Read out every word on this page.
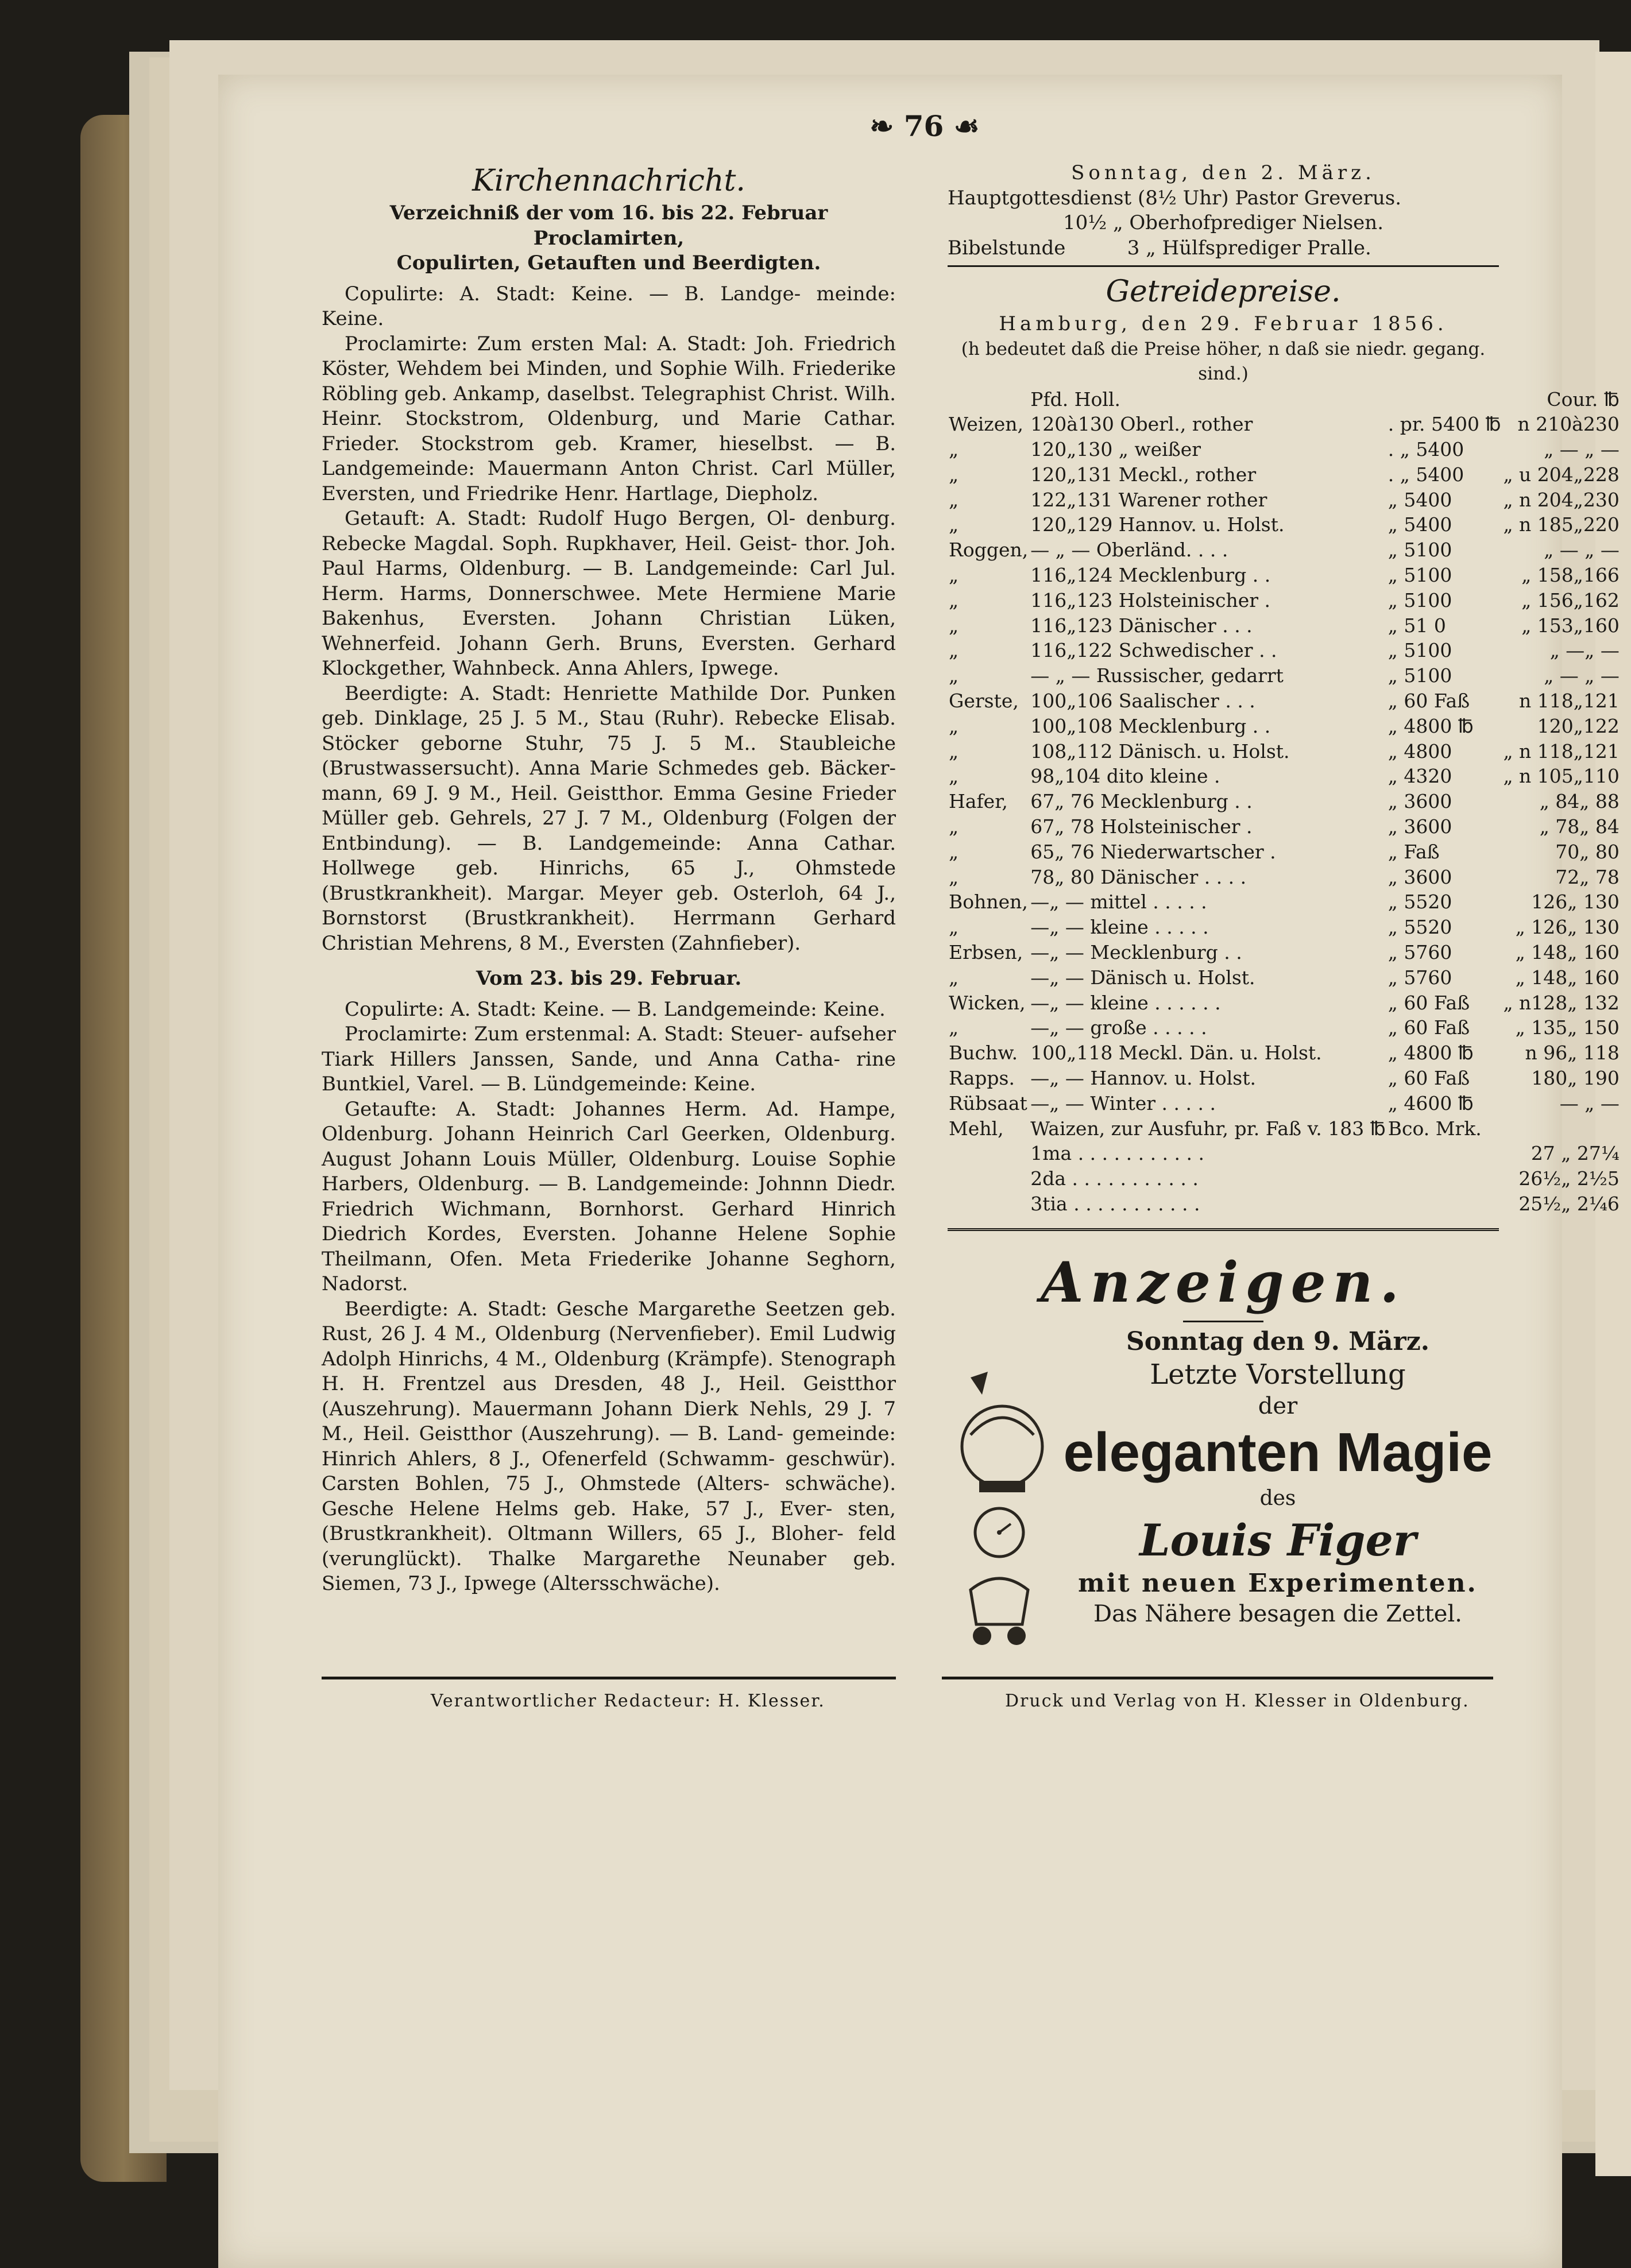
❧ 76 ☙
Kirchennachricht.
Verzeichniß der vom 16. bis 22. Februar Proclamirten,
Copulirten, Getauften und Beerdigten.

Copulirte: A. Stadt: Keine. — B. Landge- meinde: Keine.

Proclamirte: Zum ersten Mal: A. Stadt: Joh. Friedrich Köster, Wehdem bei Minden, und Sophie Wilh. Friederike Röbling geb. Ankamp, daselbst. Telegraphist Christ. Wilh. Heinr. Stockstrom, Oldenburg, und Marie Cathar. Frieder. Stockstrom geb. Kramer, hieselbst. — B. Landgemeinde: Mauermann Anton Christ. Carl Müller, Eversten, und Friedrike Henr. Hartlage, Diepholz.

Getauft: A. Stadt: Rudolf Hugo Bergen, Ol- denburg. Rebecke Magdal. Soph. Rupkhaver, Heil. Geist- thor. Joh. Paul Harms, Oldenburg. — B. Landgemeinde: Carl Jul. Herm. Harms, Donnerschwee. Mete Hermiene Marie Bakenhus, Eversten. Johann Christian Lüken, Wehnerfeid. Johann Gerh. Bruns, Eversten. Gerhard Klockgether, Wahnbeck. Anna Ahlers, Ipwege.

Beerdigte: A. Stadt: Henriette Mathilde Dor. Punken geb. Dinklage, 25 J. 5 M., Stau (Ruhr). Rebecke Elisab. Stöcker geborne Stuhr, 75 J. 5 M.. Staubleiche (Brustwassersucht). Anna Marie Schmedes geb. Bäcker- mann, 69 J. 9 M., Heil. Geistthor. Emma Gesine Frieder Müller geb. Gehrels, 27 J. 7 M., Oldenburg (Folgen der Entbindung). — B. Landgemeinde: Anna Cathar. Hollwege geb. Hinrichs, 65 J., Ohmstede (Brustkrankheit). Margar. Meyer geb. Osterloh, 64 J., Bornstorst (Brustkrankheit). Herrmann Gerhard Christian Mehrens, 8 M., Eversten (Zahnfieber).

Vom 23. bis 29. Februar.

Copulirte: A. Stadt: Keine. — B. Landgemeinde: Keine.

Proclamirte: Zum erstenmal: A. Stadt: Steuer- aufseher Tiark Hillers Janssen, Sande, und Anna Catha- rine Buntkiel, Varel. — B. Lündgemeinde: Keine.

Getaufte: A. Stadt: Johannes Herm. Ad. Hampe, Oldenburg. Johann Heinrich Carl Geerken, Oldenburg. August Johann Louis Müller, Oldenburg. Louise Sophie Harbers, Oldenburg. — B. Landgemeinde: Johnnn Diedr. Friedrich Wichmann, Bornhorst. Gerhard Hinrich Diedrich Kordes, Eversten. Johanne Helene Sophie Theilmann, Ofen. Meta Friederike Johanne Seghorn, Nadorst.

Beerdigte: A. Stadt: Gesche Margarethe Seetzen geb. Rust, 26 J. 4 M., Oldenburg (Nervenfieber). Emil Ludwig Adolph Hinrichs, 4 M., Oldenburg (Krämpfe). Stenograph H. H. Frentzel aus Dresden, 48 J., Heil. Geistthor (Auszehrung). Mauermann Johann Dierk Nehls, 29 J. 7 M., Heil. Geistthor (Auszehrung). — B. Land- gemeinde: Hinrich Ahlers, 8 J., Ofenerfeld (Schwamm- geschwür). Carsten Bohlen, 75 J., Ohmstede (Alters- schwäche). Gesche Helene Helms geb. Hake, 57 J., Ever- sten, (Brustkrankheit). Oltmann Willers, 65 J., Bloher- feld (verunglückt). Thalke Margarethe Neunaber geb. Siemen, 73 J., Ipwege (Altersschwäche).

Sonntag, den 2. März.
Hauptgottesdienst (8½ Uhr) Pastor Greverus.
10½ „ Oberhofprediger Nielsen.
Bibelstunde	3 „ Hülfsprediger Pralle.
Getreidepreise.
Hamburg, den 29. Februar 1856.
(h bedeutet daß die Preise höher, n daß sie niedr. gegang. sind.)
	Pfd. Holl.		Cour. ℔
Weizen,	120à130 Oberl., rother	. pr. 5400 ℔	n 210à230
„	120„130 „ weißer	. „ 5400	„ — „ —
„	120„131 Meckl., rother	. „ 5400	„ u 204„228
„	122„131 Warener rother	„ 5400	„ n 204„230
„	120„129 Hannov. u. Holst.	„ 5400	„ n 185„220
Roggen,	— „ — Oberländ. . . .	„ 5100	„ — „ —
„	116„124 Mecklenburg . .	„ 5100	„ 158„166
„	116„123 Holsteinischer .	„ 5100	„ 156„162
„	116„123 Dänischer . . .	„ 51 0	„ 153„160
„	116„122 Schwedischer . .	„ 5100	„ —„ —
„	— „ — Russischer, gedarrt	„ 5100	„ — „ —
Gerste,	100„106 Saalischer . . .	„ 60 Faß	n 118„121
„	100„108 Mecklenburg . .	„ 4800 ℔	120„122
„	108„112 Dänisch. u. Holst.	„ 4800	„ n 118„121
„	98„104 dito kleine .	„ 4320	„ n 105„110
Hafer,	67„ 76 Mecklenburg . .	„ 3600	„ 84„ 88
„	67„ 78 Holsteinischer .	„ 3600	„ 78„ 84
„	65„ 76 Niederwartscher .	„ Faß	70„ 80
„	78„ 80 Dänischer . . . .	„ 3600	72„ 78
Bohnen,	—„ — mittel . . . . .	„ 5520	126„ 130
„	—„ — kleine . . . . .	„ 5520	„ 126„ 130
Erbsen,	—„ — Mecklenburg . .	„ 5760	„ 148„ 160
„	—„ — Dänisch u. Holst.	„ 5760	„ 148„ 160
Wicken,	—„ — kleine . . . . . .	„ 60 Faß	„ n128„ 132
„	—„ — große . . . . .	„ 60 Faß	„ 135„ 150
Buchw.	100„118 Meckl. Dän. u. Holst.	„ 4800 ℔	n 96„ 118
Rapps.	—„ — Hannov. u. Holst.	„ 60 Faß	180„ 190
Rübsaat	—„ — Winter . . . . .	„ 4600 ℔	— „ —
Mehl,	Waizen, zur Ausfuhr, pr. Faß v. 183 ℔	Bco. Mrk.	
	1ma . . . . . . . . . . .		27 „ 27¼
	2da . . . . . . . . . . .		26½„ 2½5
	3tia . . . . . . . . . . .		25½„ 2¼6
Anzeigen.
Sonntag den 9. März.
Letzte Vorstellung
der
eleganten Magie
des
Louis Figer
mit neuen Experimenten.
Das Nähere besagen die Zettel.
Verantwortlicher Redacteur: H. Klesser.	Druck und Verlag von H. Klesser in Oldenburg.
